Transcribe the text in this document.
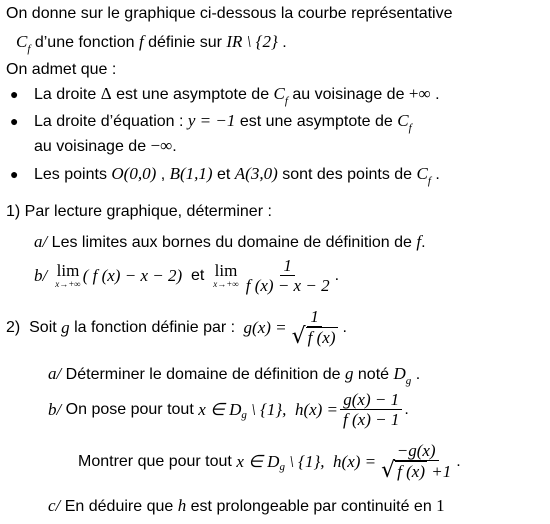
On donne sur le graphique ci-dessous la courbe représentative
$C_f$ d’une fonction f définie sur IR \ {2} .
On admet que :
● La droite Δ est une asymptote de $C_f$ au voisinage de +∞ .
● La droite d’équation : y = −1 est une asymptote de $C_f$
au voisinage de −∞.
● Les points O(0,0) , B(1,1) et A(3,0) sont des points de $C_f$ .
1) Par lecture graphique, déterminer :
a/ Les limites aux bornes du domaine de définition de f.
b/ lim
x→+∞ ( f (x) − x − 2) et lim
$x\to+\infty \frac{1}{f (x) - x - 2}$ .
2)  Soit g la fonction définie par : $g(x) = \frac{1}{√ f (x)}$ .
a/ Déterminer le domaine de définition de g noté $D_g$ .
b/ On pose pour tout x ∈ D g \ {1}, $h(x) = \frac{g(x) - 1}{f (x) - 1}$ .
Montrer que pour tout x ∈ D g \ {1}, $h(x) = \frac{-g(x)}{√ f (x) +1}$ .
c/ En déduire que h est prolongeable par continuité en 1
